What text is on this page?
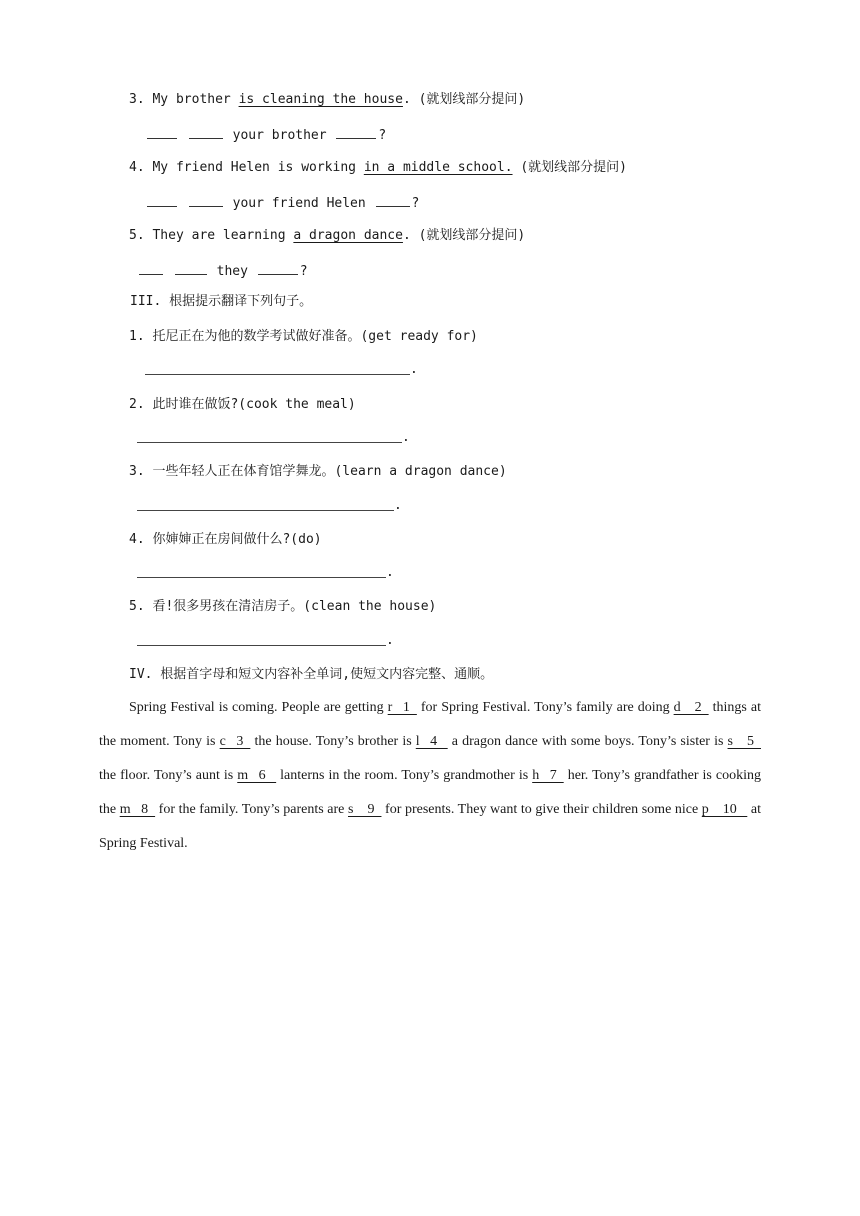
3. My brother is cleaning the house. (就划线部分提问)
your brother	?
4. My friend Helen is working in a middle school. (就划线部分提问)
your friend Helen	?
5. They are learning a dragon dance. (就划线部分提问)
they	?
III. 根据提示翻译下列句子。
1. 托尼正在为他的数学考试做好准备。(get ready for)
.
2. 此时谁在做饭?(cook the meal)
.
3. 一些年轻人正在体育馆学舞龙。(learn a dragon dance)
.
4. 你婶婶正在房间做什么?(do)
.
5. 看!很多男孩在清洁房子。(clean the house)
.
IV. 根据首字母和短文内容补全单词,使短文内容完整、通顺。
Spring Festival is coming. People are getting r   1   for Spring Festival. Tony’s family are doing d    2   things at the moment. Tony is c   3   the house. Tony’s brother is l   4    a dragon dance with some boys. Tony’s sister is s    5   the floor. Tony’s aunt is m   6    lanterns in the room. Tony’s grandmother is h   7   her. Tony’s grandfather is cooking the m   8   for the family. Tony’s parents are s    9   for presents. They want to give their children some nice p    10    at Spring Festival.
